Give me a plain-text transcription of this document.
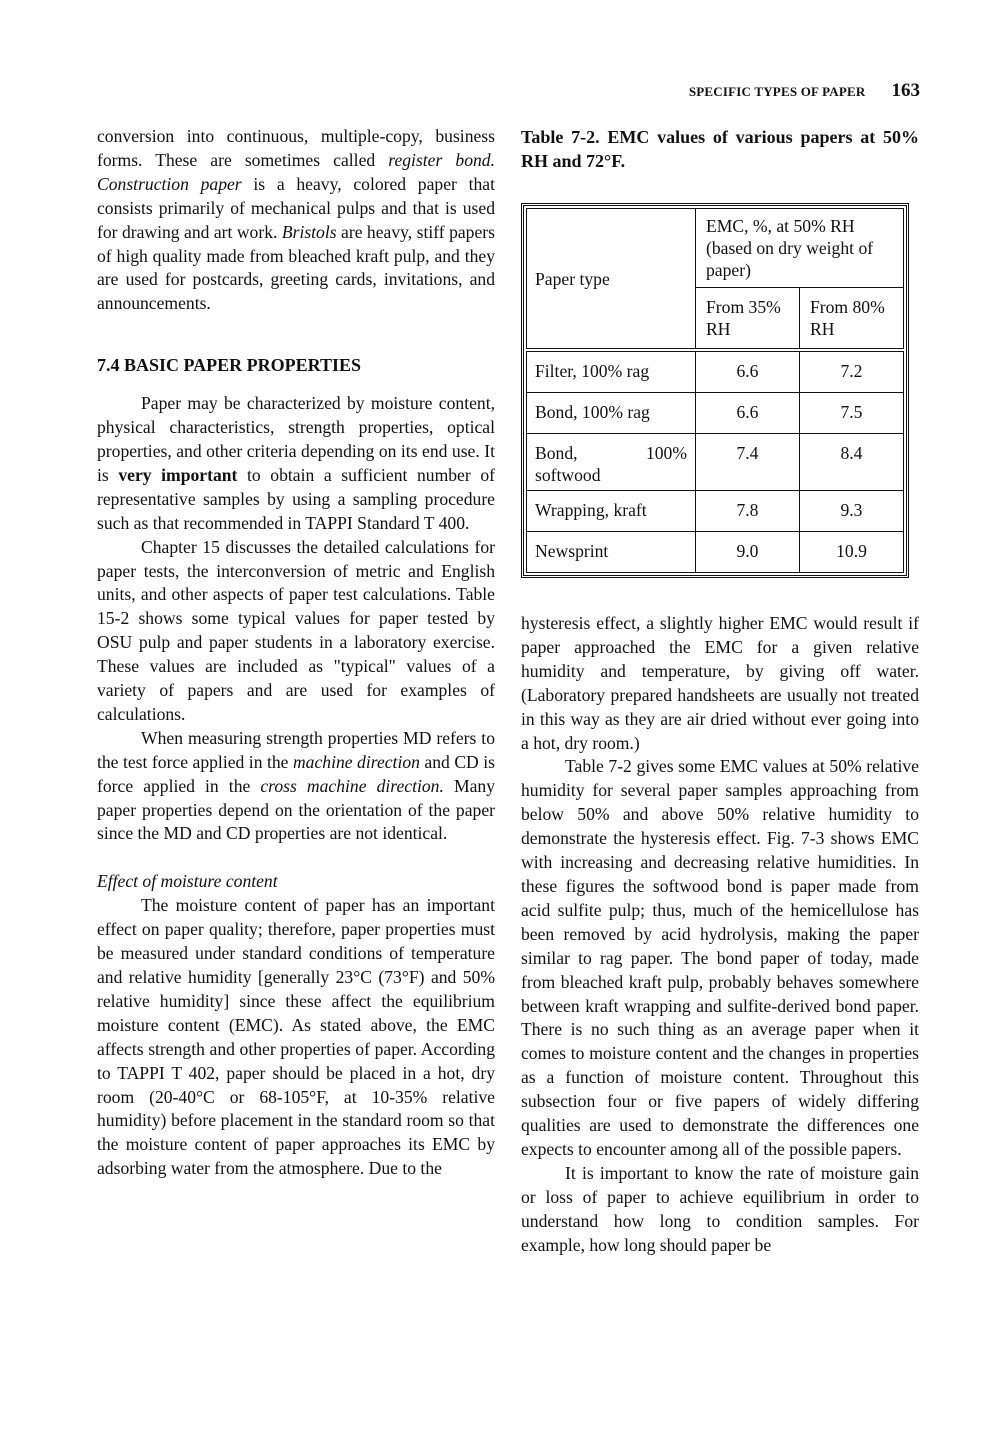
SPECIFIC TYPES OF PAPER 163

conversion into continuous, multiple-copy, business forms. These are sometimes called register bond. Construction paper is a heavy, colored paper that consists primarily of mechanical pulps and that is used for drawing and art work. Bristols are heavy, stiff papers of high quality made from bleached kraft pulp, and they are used for postcards, greeting cards, invitations, and announcements.

7.4 BASIC PAPER PROPERTIES

Paper may be characterized by moisture content, physical characteristics, strength properties, optical properties, and other criteria depending on its end use. It is very important to obtain a sufficient number of representative samples by using a sampling procedure such as that recommended in TAPPI Standard T 400.

Chapter 15 discusses the detailed calculations for paper tests, the interconversion of metric and English units, and other aspects of paper test calculations. Table 15-2 shows some typical values for paper tested by OSU pulp and paper students in a laboratory exercise. These values are included as "typical" values of a variety of papers and are used for examples of calculations.

When measuring strength properties MD refers to the test force applied in the machine direction and CD is force applied in the cross machine direction. Many paper properties depend on the orientation of the paper since the MD and CD properties are not identical.

Effect of moisture content

The moisture content of paper has an important effect on paper quality; therefore, paper properties must be measured under standard conditions of temperature and relative humidity [generally 23°C (73°F) and 50% relative humidity] since these affect the equilibrium moisture content (EMC). As stated above, the EMC affects strength and other properties of paper. According to TAPPI T 402, paper should be placed in a hot, dry room (20-40°C or 68-105°F, at 10-35% relative humidity) before placement in the standard room so that the moisture content of paper approaches its EMC by adsorbing water from the atmosphere. Due to the

Table 7-2. EMC values of various papers at 50% RH and 72°F.

Paper type	EMC, %, at 50% RH (based on dry weight of paper)	
	From 35% RH	From 80% RH
Filter, 100% rag	6.6	7.2
Bond, 100% rag	6.6	7.5
Bond, 100% softwood	7.4	8.4
Wrapping, kraft	7.8	9.3
Newsprint	9.0	10.9

hysteresis effect, a slightly higher EMC would result if paper approached the EMC for a given relative humidity and temperature, by giving off water. (Laboratory prepared handsheets are usually not treated in this way as they are air dried without ever going into a hot, dry room.)

Table 7-2 gives some EMC values at 50% relative humidity for several paper samples approaching from below 50% and above 50% relative humidity to demonstrate the hysteresis effect. Fig. 7-3 shows EMC with increasing and decreasing relative humidities. In these figures the softwood bond is paper made from acid sulfite pulp; thus, much of the hemicellulose has been removed by acid hydrolysis, making the paper similar to rag paper. The bond paper of today, made from bleached kraft pulp, probably behaves somewhere between kraft wrapping and sulfite-derived bond paper. There is no such thing as an average paper when it comes to moisture content and the changes in properties as a function of moisture content. Throughout this subsection four or five papers of widely differing qualities are used to demonstrate the differences one expects to encounter among all of the possible papers.

It is important to know the rate of moisture gain or loss of paper to achieve equilibrium in order to understand how long to condition samples. For example, how long should paper be
